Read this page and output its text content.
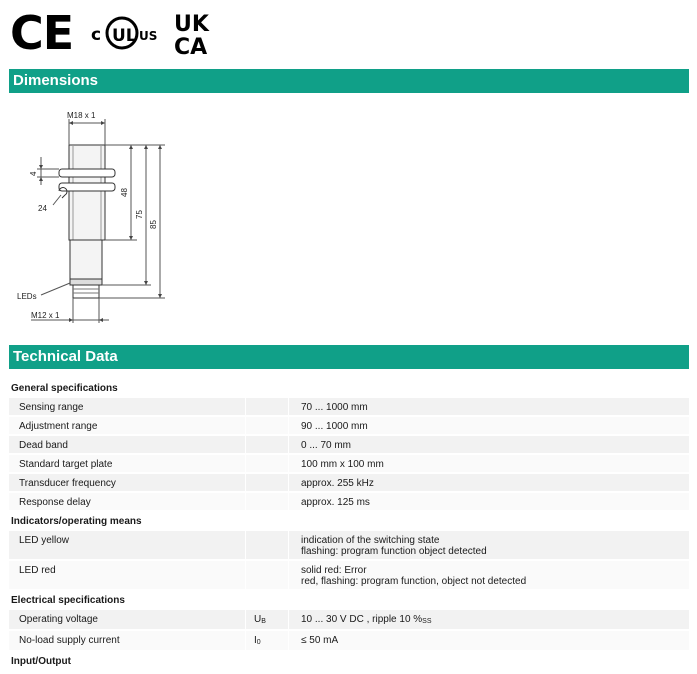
CE c UL US UK
CA
Dimensions
M18 x 1
4
24
48
75
85
LEDs
M12 x 1
Technical Data
General specifications		
Sensing range		70 ... 1000 mm
Adjustment range		90 ... 1000 mm
Dead band		0 ... 70 mm
Standard target plate		100 mm x 100 mm
Transducer frequency		approx. 255 kHz
Response delay		approx. 125 ms
Indicators/operating means		
LED yellow		indication of the switching state
flashing: program function object detected

LED red		solid red: Error
red, flashing: program function, object not detected

Electrical specifications		
Operating voltage	$U_B$	10 ... 30 V DC , ripple 10 $\%_{SS}$
No-load supply current	$I_0$	≤ 50 mA
Input/Output		
